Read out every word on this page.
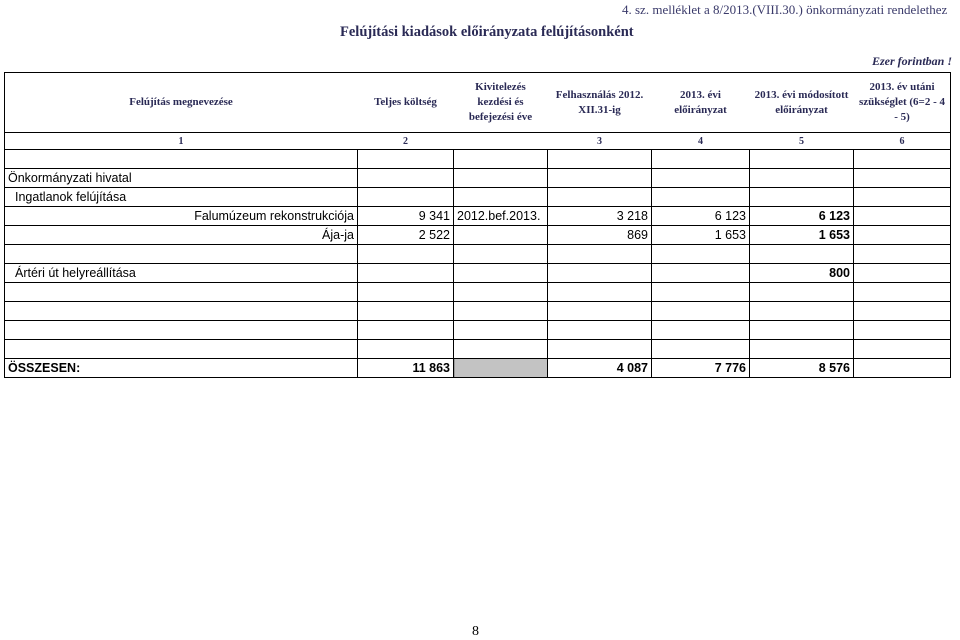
4. sz. melléklet a 8/2013.(VIII.30.) önkormányzati rendelethez
Felújítási kiadások előirányzata felújításonként
Ezer forintban !
Felújítás megnevezése	Teljes költség	Kivitelezés kezdési és befejezési éve	Felhasználás 2012. XII.31-ig	2013. évi előirányzat	2013. évi módosított előirányzat	2013. év utáni szükséglet (6=2 - 4 - 5)
1	2		3	4	5	6

Önkormányzati hivatal						
Ingatlanok felújítása						
Falumúzeum rekonstrukciója	9 341	2012.bef.2013.	3 218	6 123	6 123	
Ája-ja	2 522		869	1 653	1 653	

Ártéri út helyreállítása					800	

ÖSSZESEN:	11 863		4 087	7 776	8 576	
8
